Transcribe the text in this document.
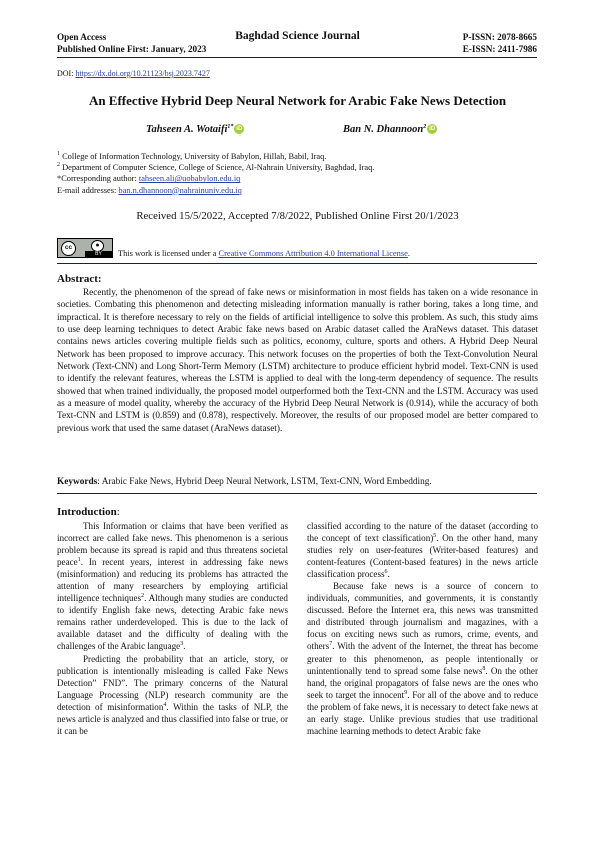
Open Access
Published Online First: January, 2023
Baghdad Science Journal	P-ISSN: 2078-8665
E-ISSN: 2411-7986
DOI: https://dx.doi.org/10.21123/bsj.2023.7427
An Effective Hybrid Deep Neural Network for Arabic Fake News Detection
Tahseen A. Wotaifi$^{1*}$ iD	Ban N. Dhannoon$^2$ iD
$^1$ College of Information Technology, University of Babylon, Hillah, Babil, Iraq.
$^2$ Department of Computer Science, College of Science, Al-Nahrain University, Baghdad, Iraq.
*Corresponding author: tahseen.ali@uobabylon.edu.iq
E-mail addresses: ban.n.dhannoon@nahrainuniv.edu.iq
Received 15/5/2022, Accepted 7/8/2022, Published Online First 20/1/2023
cc	●
BY	This work is licensed under a Creative Commons Attribution 4.0 International License.
Abstract:

Recently, the phenomenon of the spread of fake news or misinformation in most fields has taken on a wide resonance in societies. Combating this phenomenon and detecting misleading information manually is rather boring, takes a long time, and impractical. It is therefore necessary to rely on the fields of artificial intelligence to solve this problem. As such, this study aims to use deep learning techniques to detect Arabic fake news based on Arabic dataset called the AraNews dataset. This dataset contains news articles covering multiple fields such as politics, economy, culture, sports and others. A Hybrid Deep Neural Network has been proposed to improve accuracy. This network focuses on the properties of both the Text-Convolution Neural Network (Text-CNN) and Long Short-Term Memory (LSTM) architecture to produce efficient hybrid model. Text-CNN is used to identify the relevant features, whereas the LSTM is applied to deal with the long-term dependency of sequence. The results showed that when trained individually, the proposed model outperformed both the Text-CNN and the LSTM. Accuracy was used as a measure of model quality, whereby the accuracy of the Hybrid Deep Neural Network is (0.914), while the accuracy of both Text-CNN and LSTM is (0.859) and (0.878), respectively. Moreover, the results of our proposed model are better compared to previous work that used the same dataset (AraNews dataset).

Keywords: Arabic Fake News, Hybrid Deep Neural Network, LSTM, Text-CNN, Word Embedding.
Introduction:

This Information or claims that have been verified as incorrect are called fake news. This phenomenon is a serious problem because its spread is rapid and thus threatens societal peace$^1$. In recent years, interest in addressing fake news (misinformation) and reducing its problems has attracted the attention of many researchers by employing artificial intelligence techniques$^2$. Although many studies are conducted to identify English fake news, detecting Arabic fake news remains rather underdeveloped. This is due to the lack of available dataset and the difficulty of dealing with the challenges of the Arabic language$^3$.

Predicting the probability that an article, story, or publication is intentionally misleading is called Fake News Detection” FND”. The primary concerns of the Natural Language Processing (NLP) research community are the detection of misinformation$^4$. Within the tasks of NLP, the news article is analyzed and thus classified into false or true, or it can be

classified according to the nature of the dataset (according to the concept of text classification)$^5$. On the other hand, many studies rely on user-features (Writer-based features) and content-features (Content-based features) in the news article classification process$^6$.

Because fake news is a source of concern to individuals, communities, and governments, it is constantly discussed. Before the Internet era, this news was transmitted and distributed through journalism and magazines, with a focus on exciting news such as rumors, crime, events, and others$^7$. With the advent of the Internet, the threat has become greater to this phenomenon, as people intentionally or unintentionally tend to spread some false news$^8$. On the other hand, the original propagators of false news are the ones who seek to target the innocent$^9$. For all of the above and to reduce the problem of fake news, it is necessary to detect fake news at an early stage. Unlike previous studies that use traditional machine learning methods to detect Arabic fake
